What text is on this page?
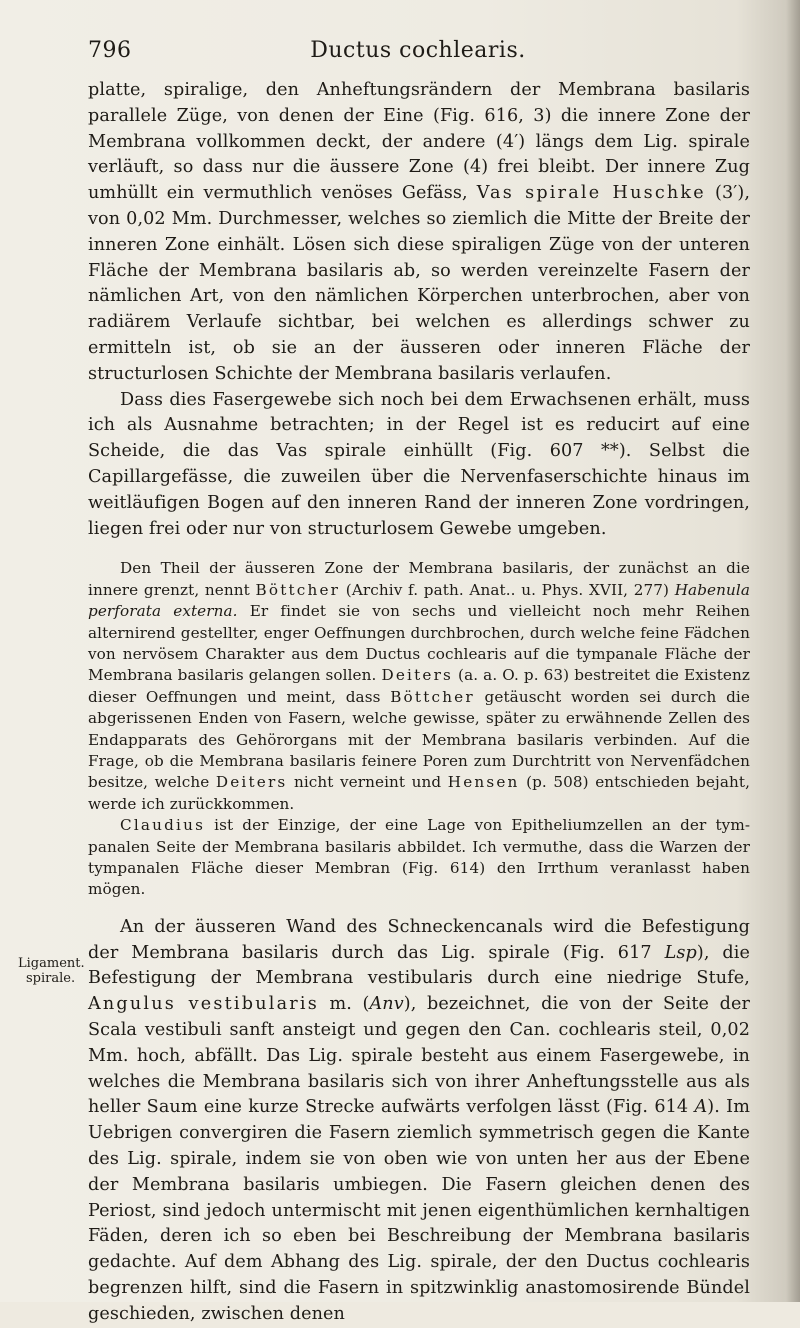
796	Ductus cochlearis.
Ligament.
spirale.

platte, spiralige, den Anheftungsrändern der Membrana basilaris parallele Züge, von denen der Eine (Fig. 616, 3) die innere Zone der Membrana vollkommen deckt, der andere (4′) längs dem Lig. spirale verläuft, so dass nur die äussere Zone (4) frei bleibt. Der innere Zug umhüllt ein vermuthlich venöses Gefäss, Vas spirale Huschke (3′), von 0,02 Mm. Durchmesser, welches so ziemlich die Mitte der Breite der inneren Zone einhält. Lösen sich diese spiraligen Züge von der unteren Fläche der Membrana basilaris ab, so werden vereinzelte Fasern der nämlichen Art, von den nämlichen Körperchen unterbrochen, aber von radiärem Verlaufe sichtbar, bei welchen es allerdings schwer zu ermitteln ist, ob sie an der äusseren oder inneren Fläche der structurlosen Schichte der Membrana basilaris verlaufen.

Dass dies Fasergewebe sich noch bei dem Erwachsenen erhält, muss ich als Ausnahme betrachten; in der Regel ist es reducirt auf eine Scheide, die das Vas spirale einhüllt (Fig. 607 **). Selbst die Capillargefässe, die zuweilen über die Nervenfaserschichte hinaus im weitläufigen Bogen auf den inneren Rand der inneren Zone vordringen, liegen frei oder nur von structurlosem Gewebe umgeben.

Den Theil der äusseren Zone der Membrana basilaris, der zunächst an die innere grenzt, nennt Böttcher (Archiv f. path. Anat.. u. Phys. XVII, 277) Habenula perforata externa. Er findet sie von sechs und vielleicht noch mehr Reihen alternirend gestellter, enger Oeffnungen durchbrochen, durch welche feine Fädchen von nervösem Charakter aus dem Ductus cochlearis auf die tympanale Fläche der Membrana basilaris gelangen sollen. Deiters (a. a. O. p. 63) bestreitet die Existenz dieser Oeffnungen und meint, dass Böttcher getäuscht worden sei durch die abgerissenen Enden von Fasern, welche gewisse, später zu erwähnende Zellen des Endapparats des Gehörorgans mit der Membrana basilaris verbinden. Auf die Frage, ob die Membrana basilaris feinere Poren zum Durchtritt von Nervenfädchen besitze, welche Deiters nicht verneint und Hensen (p. 508) entschieden bejaht, werde ich zurückkommen.

Claudius ist der Einzige, der eine Lage von Epitheliumzellen an der tympanalen Seite der Membrana basilaris abbildet. Ich vermuthe, dass die Warzen der tympanalen Fläche dieser Membran (Fig. 614) den Irrthum veranlasst haben mögen.

An der äusseren Wand des Schneckencanals wird die Befestigung der Membrana basilaris durch das Lig. spirale (Fig. 617 Lsp), die Befestigung der Membrana vestibularis durch eine niedrige Stufe, Angulus vestibularis m. (Anv), bezeichnet, die von der Seite der Scala vestibuli sanft ansteigt und gegen den Can. cochlearis steil, 0,02 Mm. hoch, abfällt. Das Lig. spirale besteht aus einem Fasergewebe, in welches die Membrana basilaris sich von ihrer Anheftungsstelle aus als heller Saum eine kurze Strecke aufwärts verfolgen lässt (Fig. 614 A). Im Uebrigen convergiren die Fasern ziemlich symmetrisch gegen die Kante des Lig. spirale, indem sie von oben wie von unten her aus der Ebene der Membrana basilaris umbiegen. Die Fasern gleichen denen des Periost, sind jedoch untermischt mit jenen eigenthümlichen kernhaltigen Fäden, deren ich so eben bei Beschreibung der Membrana basilaris gedachte. Auf dem Abhang des Lig. spirale, der den Ductus cochlearis begrenzen hilft, sind die Fasern in spitzwinklig anastomosirende Bündel geschieden, zwischen denen
